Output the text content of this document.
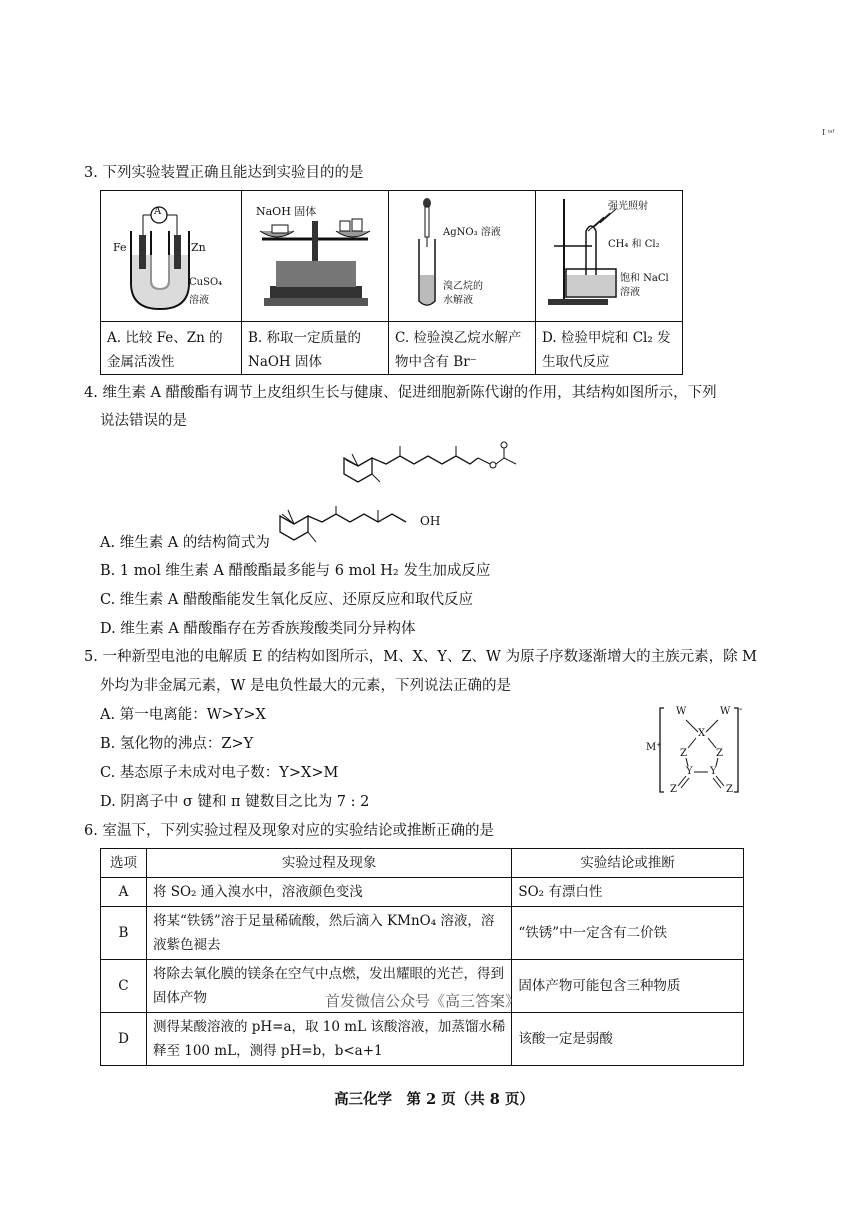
I ⁱᵃᶠ
3. 下列实验装置正确且能达到实验目的的是
A
Fe Zn
CuSO₄
溶液	NaOH 固体	AgNO₃ 溶液
溴乙烷的
水解液	强光照射
CH₄ 和 Cl₂
饱和 NaCl
溶液

A. 比较 Fe、Zn 的金属活泼性	B. 称取一定质量的 NaOH 固体	C. 检验溴乙烷水解产物中含有 Br⁻	D. 检验甲烷和 Cl₂ 发生取代反应
4. 维生素 A 醋酸酯有调节上皮组织生长与健康、促进细胞新陈代谢的作用，其结构如图所示，下列
说法错误的是
A. 维生素 A 的结构简式为
OH
B. 1 mol 维生素 A 醋酸酯最多能与 6 mol H₂ 发生加成反应
C. 维生素 A 醋酸酯能发生氧化反应、还原反应和取代反应
D. 维生素 A 醋酸酯存在芳香族羧酸类同分异构体
5. 一种新型电池的电解质 E 的结构如图所示，M、X、Y、Z、W 为原子序数逐渐增大的主族元素，除 M
外均为非金属元素，W 是电负性最大的元素，下列说法正确的是
A. 第一电离能：W>Y>X
B. 氢化物的沸点：Z>Y
C. 基态原子未成对电子数：Y>X>M
D. 阴离子中 σ 键和 π 键数目之比为 7 : 2
M⁺
W	W -
X
Z	Z
Y Y
Z	Z
6. 室温下，下列实验过程及现象对应的实验结论或推断正确的是
选项	实验过程及现象	实验结论或推断
A	将 SO₂ 通入溴水中，溶液颜色变浅	SO₂ 有漂白性
B	将某“铁锈”溶于足量稀硫酸，然后滴入 KMnO₄ 溶液，溶液紫色褪去	“铁锈”中一定含有二价铁
C	将除去氧化膜的镁条在空气中点燃，发出耀眼的光芒，得到固体产物	固体产物可能包含三种物质
D	测得某酸溶液的 pH=a，取 10 mL 该酸溶液，加蒸馏水稀释至 100 mL，测得 pH=b，b<a+1	该酸一定是弱酸
首发微信公众号《高三答案》
高三化学　第 2 页（共 8 页）
